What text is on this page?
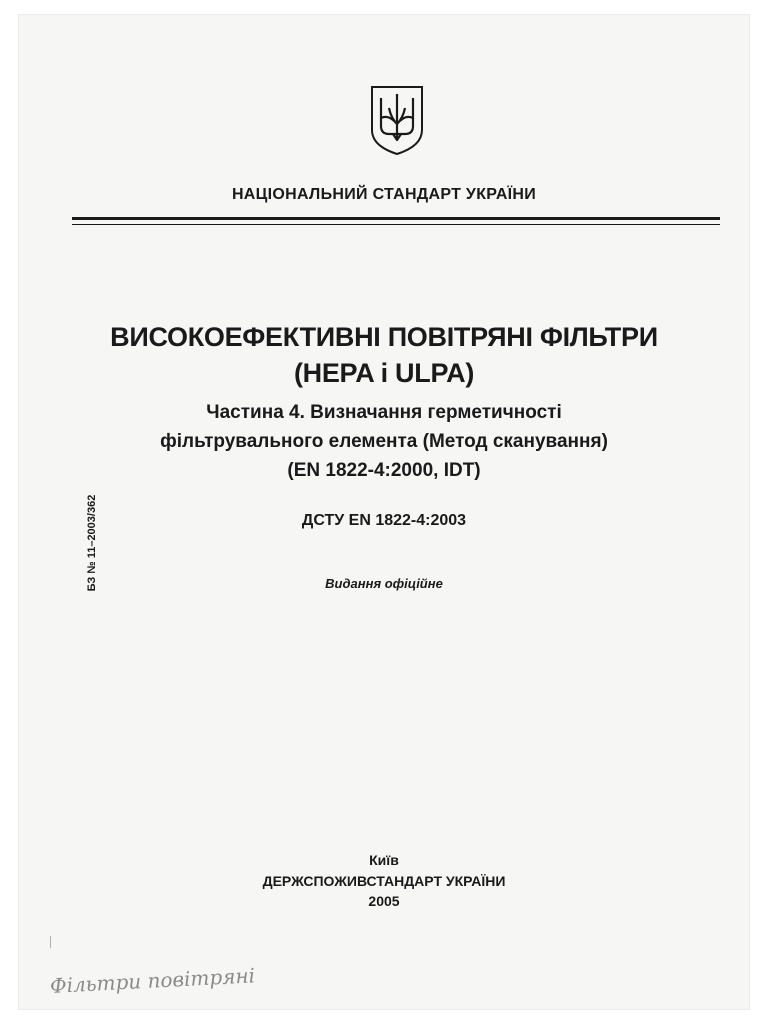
НАЦІОНАЛЬНИЙ СТАНДАРТ УКРАЇНИ
ВИСОКОЕФЕКТИВНІ ПОВІТРЯНІ ФІЛЬТРИ
(HEPA і ULPA)
Частина 4. Визначання герметичності
фільтрувального елемента (Метод сканування)
(EN 1822-4:2000, IDT)
ДСТУ EN 1822-4:2003
Видання офіційне
БЗ № 11–2003/362
Київ
ДЕРЖСПОЖИВСТАНДАРТ УКРАЇНИ
2005
Фільтри повітряні
